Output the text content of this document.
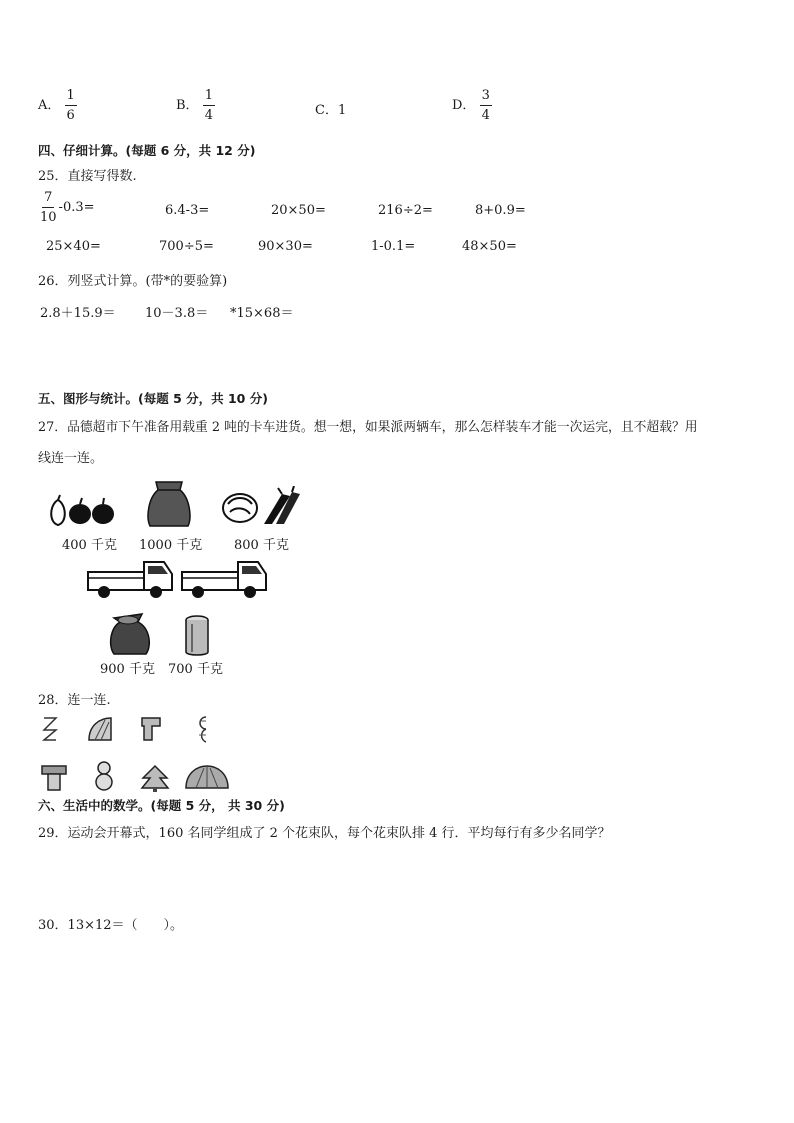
A． $\frac{1}{6}$	B． $\frac{1}{4}$	C．1	D． $\frac{3}{4}$
四、仔细计算。(每题 6 分，共 12 分)
25．直接写得数.
$\frac{7}{10} -0.3=$	6.4-3=	20×50=	216÷2=	8+0.9=
25×40=	700÷5=	90×30=	1-0.1=	48×50=
26．列竖式计算。(带*的要验算)
2.8＋15.9＝ 10－3.8＝ *15×68＝
五、图形与统计。(每题 5 分，共 10 分)
27．品德超市下午准备用载重 2 吨的卡车进货。想一想，如果派两辆车，那么怎样装车才能一次运完，且不超载？用
线连一连。
400 千克 1000 千克 800 千克
900 千克 700 千克
28．连一连.
六、生活中的数学。(每题 5 分， 共 30 分)
29．运动会开幕式，160 名同学组成了 2 个花束队，每个花束队排 4 行．平均每行有多少名同学？
30．13×12＝（　　）。
